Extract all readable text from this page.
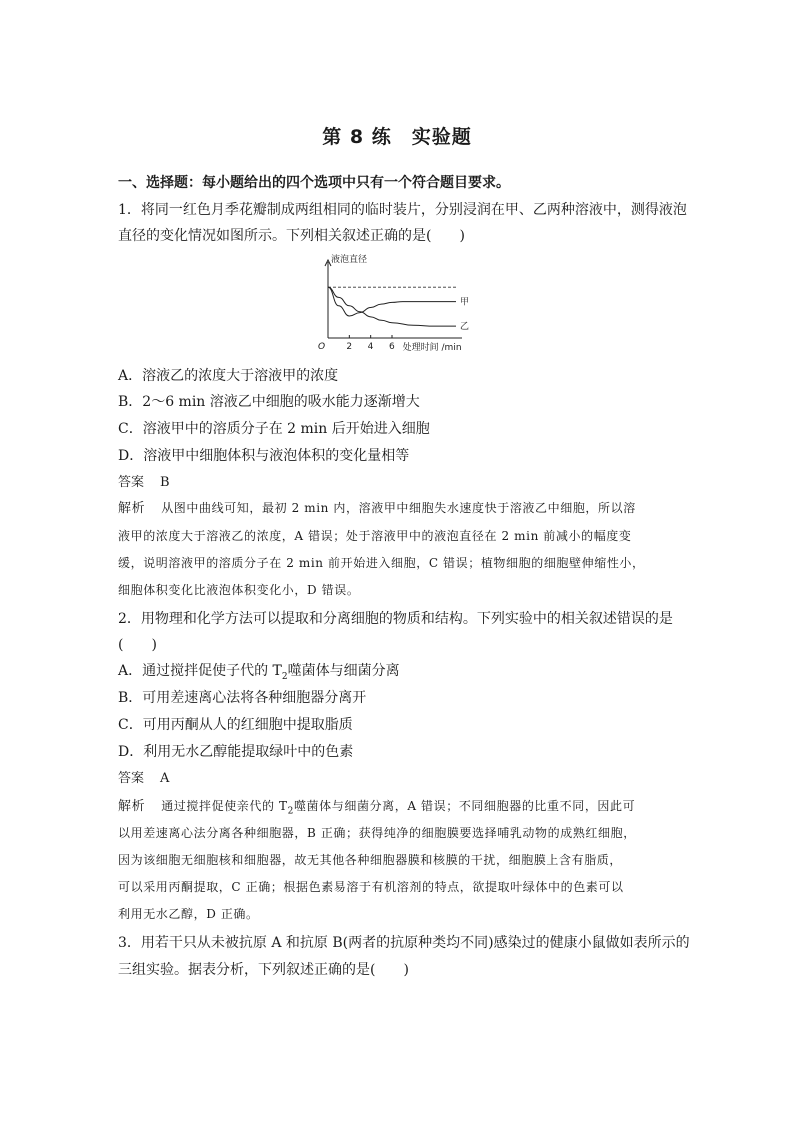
第 8 练　实验题
一、选择题：每小题给出的四个选项中只有一个符合题目要求。
1．将同一红色月季花瓣制成两组相同的临时装片，分别浸润在甲、乙两种溶液中，测得液泡
直径的变化情况如图所示。下列相关叙述正确的是(　　)
液泡直径
O	处理时间 /min
2 4 6
甲
乙
A．溶液乙的浓度大于溶液甲的浓度
B．2～6 min 溶液乙中细胞的吸水能力逐渐增大
C．溶液甲中的溶质分子在 2 min 后开始进入细胞
D．溶液甲中细胞体积与液泡体积的变化量相等
答案 B
解析 从图中曲线可知，最初 2 min 内，溶液甲中细胞失水速度快于溶液乙中细胞，所以溶
液甲的浓度大于溶液乙的浓度，A 错误；处于溶液甲中的液泡直径在 2 min 前减小的幅度变
缓，说明溶液甲的溶质分子在 2 min 前开始进入细胞，C 错误；植物细胞的细胞壁伸缩性小，
细胞体积变化比液泡体积变化小，D 错误。
2．用物理和化学方法可以提取和分离细胞的物质和结构。下列实验中的相关叙述错误的是
(　　)
A．通过搅拌促使子代的 $T_2$噬菌体与细菌分离
B．可用差速离心法将各种细胞器分离开
C．可用丙酮从人的红细胞中提取脂质
D．利用无水乙醇能提取绿叶中的色素
答案 A
解析 通过搅拌促使亲代的 $T_2$噬菌体与细菌分离，A 错误；不同细胞器的比重不同，因此可
以用差速离心法分离各种细胞器，B 正确；获得纯净的细胞膜要选择哺乳动物的成熟红细胞，
因为该细胞无细胞核和细胞器，故无其他各种细胞器膜和核膜的干扰，细胞膜上含有脂质，
可以采用丙酮提取，C 正确；根据色素易溶于有机溶剂的特点，欲提取叶绿体中的色素可以
利用无水乙醇，D 正确。
3．用若干只从未被抗原 A 和抗原 B(两者的抗原种类均不同)感染过的健康小鼠做如表所示的
三组实验。据表分析，下列叙述正确的是(　　)
